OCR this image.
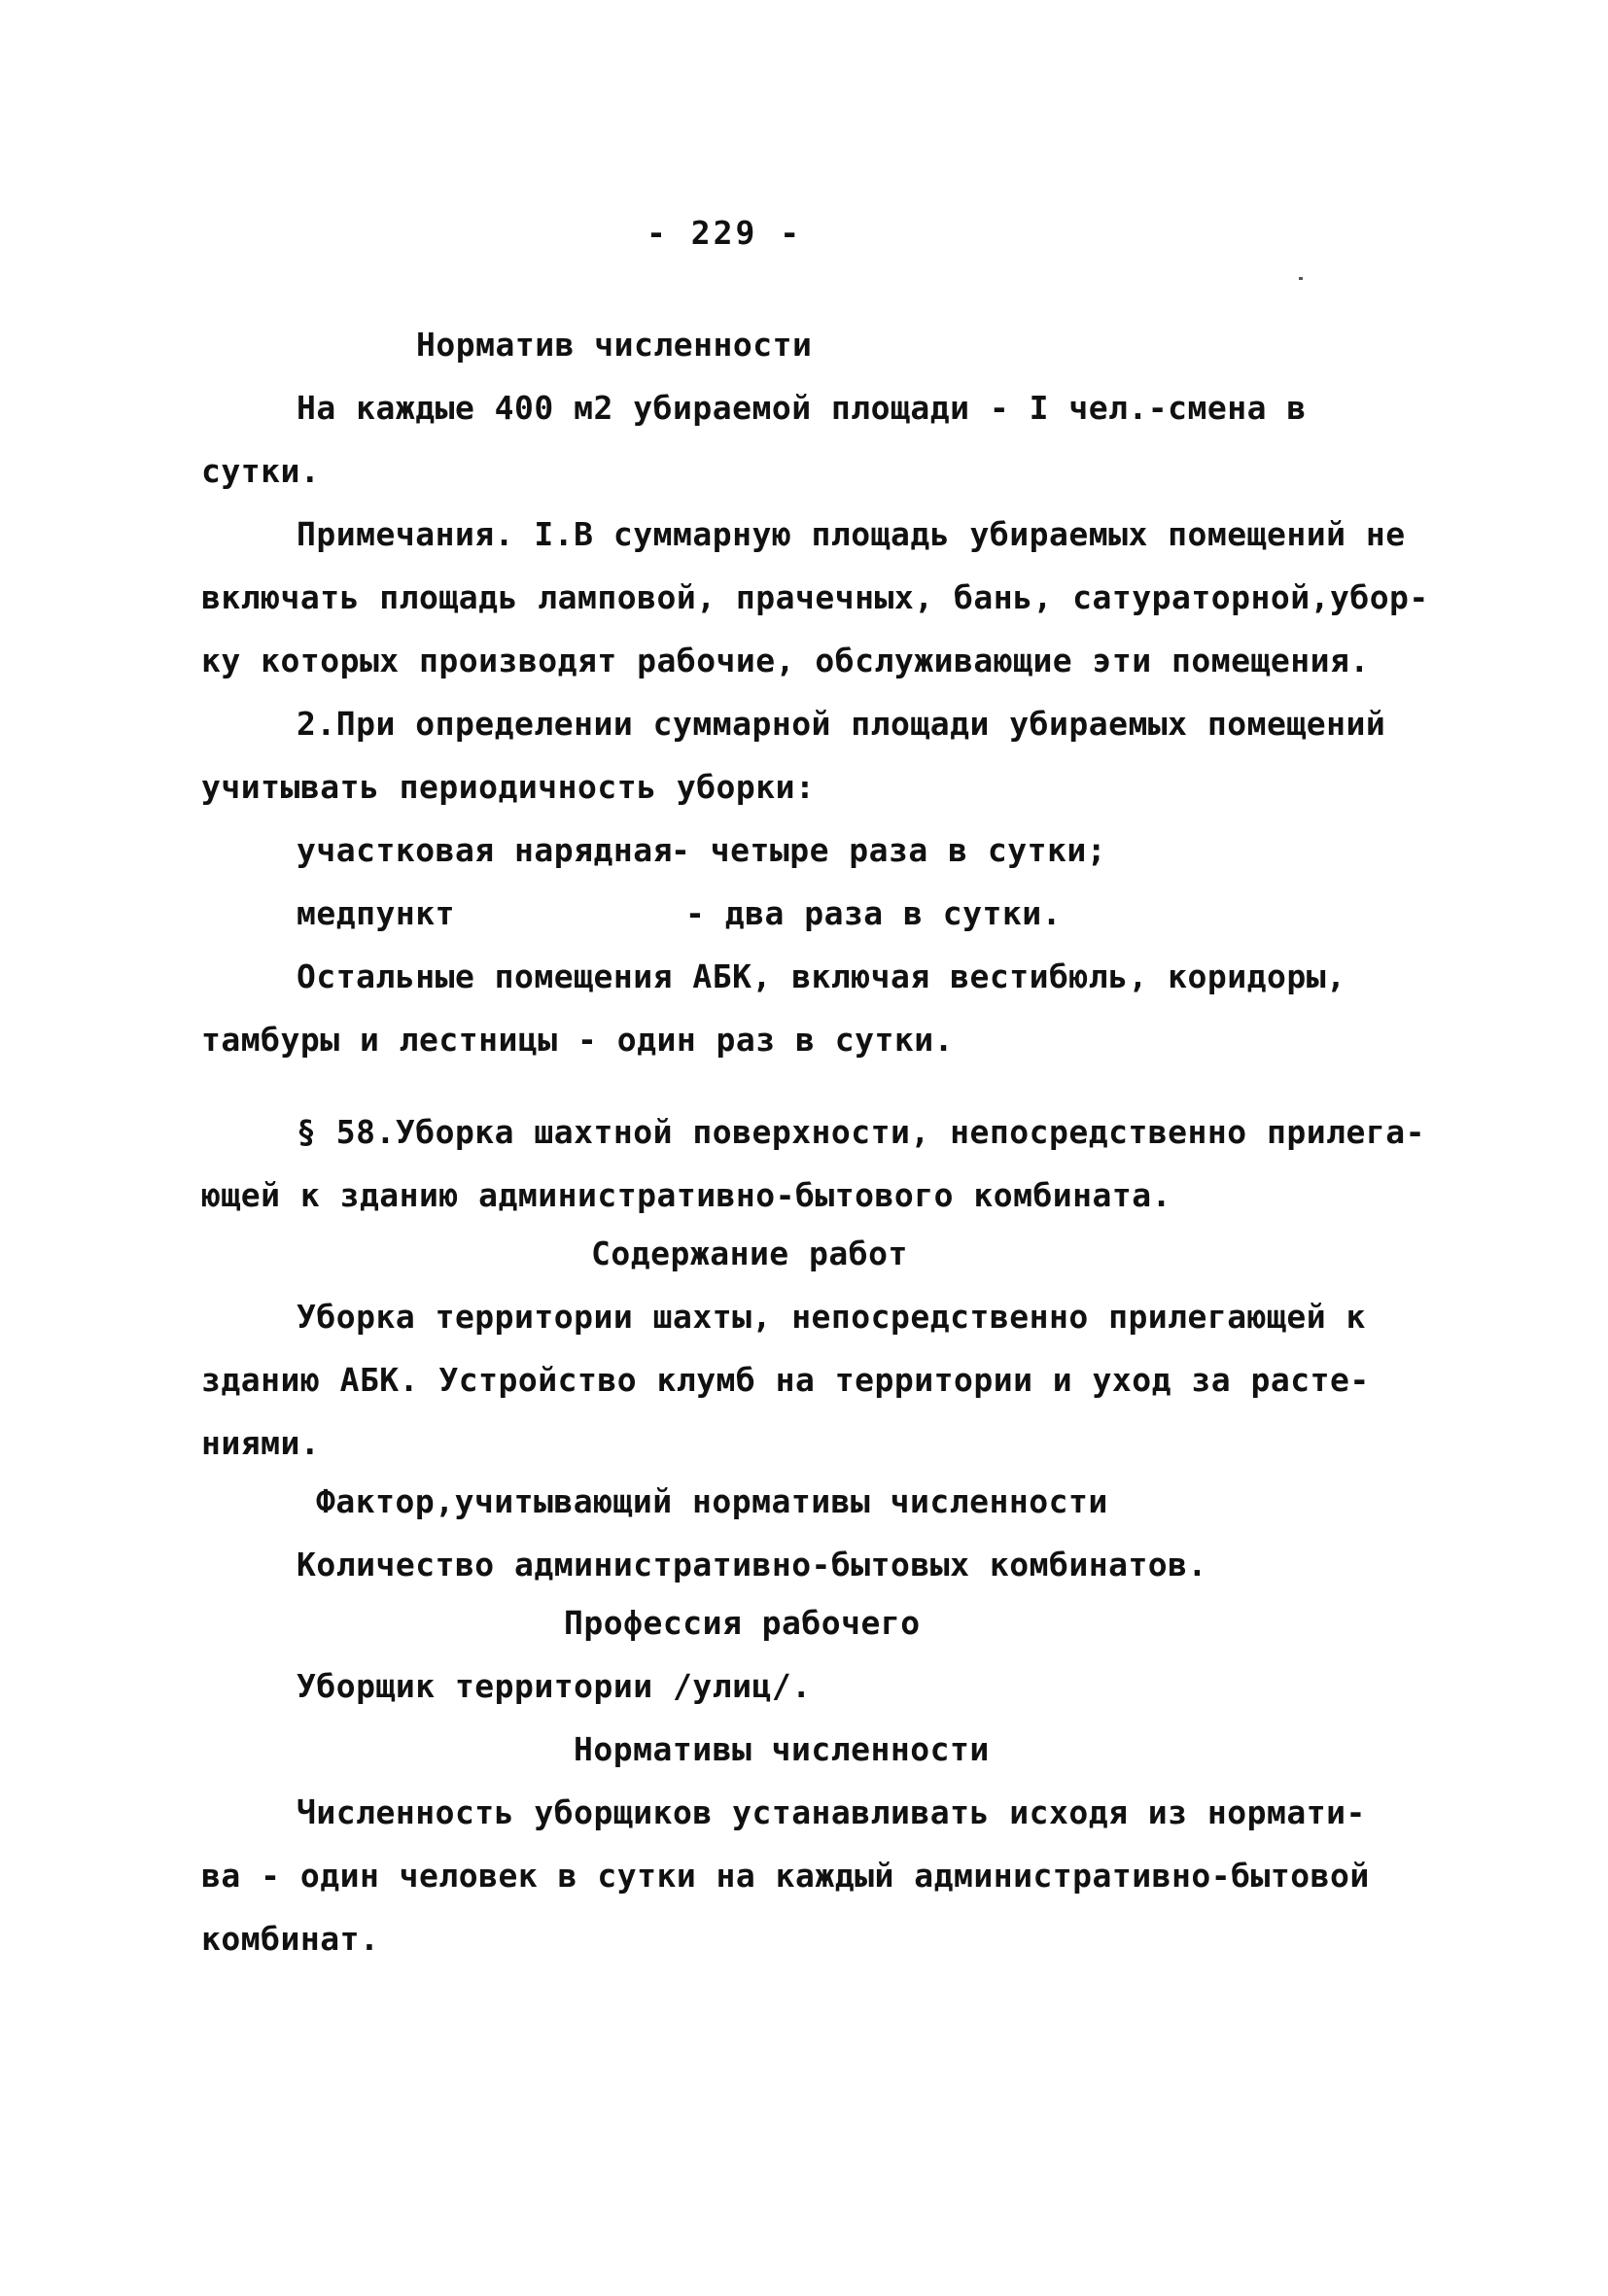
- 229 -
Норматив численности
На каждые 400 м2 убираемой площади - I чел.-смена в
сутки.
Примечания. I.В суммарную площадь убираемых помещений не
включать площадь ламповой, прачечных, бань, сатураторной,убор-
ку которых производят рабочие, обслуживающие эти помещения.
2.При определении суммарной площади убираемых помещений
учитывать периодичность уборки:
участковая нарядная
- четыре раза в сутки;
медпункт	- два раза в сутки.
Остальные помещения АБК, включая вестибюль, коридоры,
тамбуры и лестницы - один раз в сутки.
§ 58.Уборка шахтной поверхности, непосредственно прилега-
ющей к зданию административно-бытового комбината.
Содержание работ
Уборка территории шахты, непосредственно прилегающей к
зданию АБК. Устройство клумб на территории и уход за расте-
ниями.
Фактор,учитывающий нормативы численности
Количество административно-бытовых комбинатов.
Профессия рабочего
Уборщик территории /улиц/.
Нормативы численности
Численность уборщиков устанавливать исходя из нормати-
ва - один человек в сутки на каждый административно-бытовой
комбинат.
